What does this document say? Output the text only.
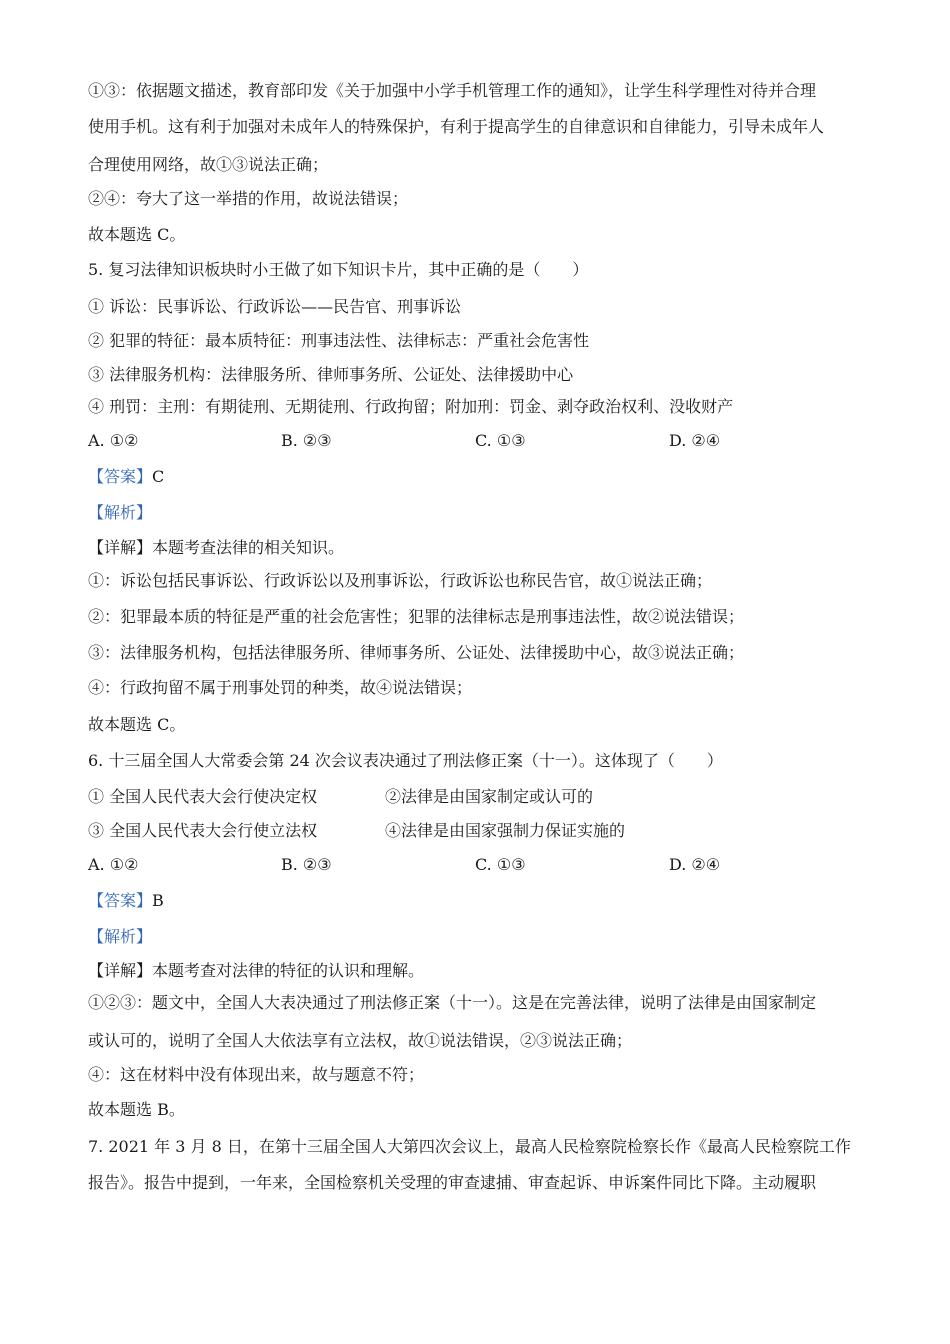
①③：依据题文描述，教育部印发《关于加强中小学手机管理工作的通知》，让学生科学理性对待并合理
使用手机。这有利于加强对未成年人的特殊保护，有利于提高学生的自律意识和自律能力，引导未成年人
合理使用网络，故①③说法正确；
②④：夸大了这一举措的作用，故说法错误；
故本题选 C。
5. 复习法律知识板块时小王做了如下知识卡片，其中正确的是（　　）
① 诉讼：民事诉讼、行政诉讼——民告官、刑事诉讼
② 犯罪的特征：最本质特征：刑事违法性、法律标志：严重社会危害性
③ 法律服务机构：法律服务所、律师事务所、公证处、法律援助中心
④ 刑罚：主刑：有期徒刑、无期徒刑、行政拘留；附加刑：罚金、剥夺政治权利、没收财产
A. ①②	B. ②③	C. ①③	D. ②④
【答案】C
【解析】
【详解】本题考查法律的相关知识。
①：诉讼包括民事诉讼、行政诉讼以及刑事诉讼，行政诉讼也称民告官，故①说法正确；
②：犯罪最本质的特征是严重的社会危害性；犯罪的法律标志是刑事违法性，故②说法错误；
③：法律服务机构，包括法律服务所、律师事务所、公证处、法律援助中心，故③说法正确；
④：行政拘留不属于刑事处罚的种类，故④说法错误；
故本题选 C。
6. 十三届全国人大常委会第 24 次会议表决通过了刑法修正案（十一）。这体现了（　　）
① 全国人民代表大会行使决定权	②法律是由国家制定或认可的
③ 全国人民代表大会行使立法权	④法律是由国家强制力保证实施的
A. ①②	B. ②③	C. ①③	D. ②④
【答案】B
【解析】
【详解】本题考查对法律的特征的认识和理解。
①②③：题文中，全国人大表决通过了刑法修正案（十一）。这是在完善法律，说明了法律是由国家制定
或认可的，说明了全国人大依法享有立法权，故①说法错误，②③说法正确；
④：这在材料中没有体现出来，故与题意不符；
故本题选 B。
7. 2021 年 3 月 8 日，在第十三届全国人大第四次会议上，最高人民检察院检察长作《最高人民检察院工作
报告》。报告中提到，一年来，全国检察机关受理的审查逮捕、审查起诉、申诉案件同比下降。主动履职
